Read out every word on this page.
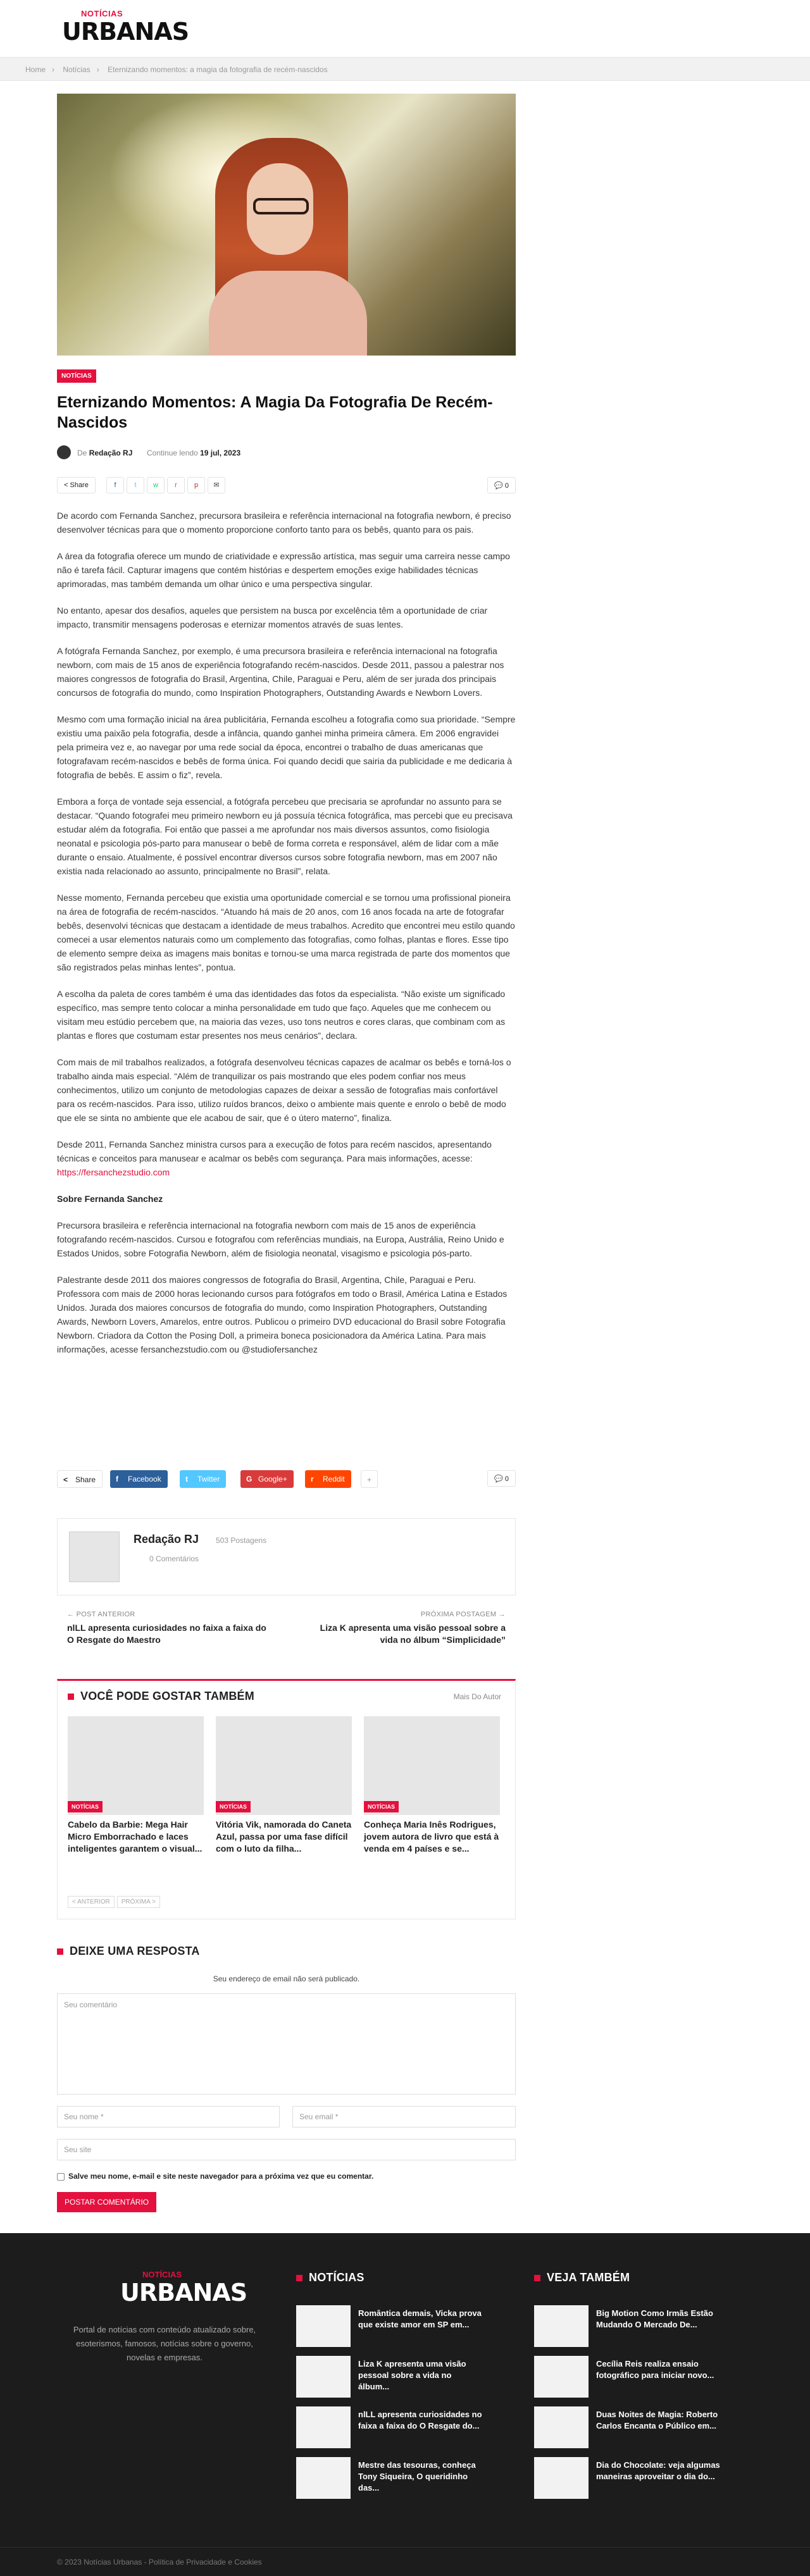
NOTÍCIAS
URBANAS
Home › Notícias › Eternizando momentos: a magia da fotografia de recém-nascidos
NOTÍCIAS
Eternizando Momentos: A Magia Da Fotografia De Recém-Nascidos
De Redação RJ Continue lendo 19 jul, 2023
< Share	f	t	w	r	p	✉	💬 0

De acordo com Fernanda Sanchez, precursora brasileira e referência internacional na fotografia newborn, é preciso desenvolver técnicas para que o momento proporcione conforto tanto para os bebês, quanto para os pais.

A área da fotografia oferece um mundo de criatividade e expressão artística, mas seguir uma carreira nesse campo não é tarefa fácil. Capturar imagens que contém histórias e despertem emoções exige habilidades técnicas aprimoradas, mas também demanda um olhar único e uma perspectiva singular.

No entanto, apesar dos desafios, aqueles que persistem na busca por excelência têm a oportunidade de criar impacto, transmitir mensagens poderosas e eternizar momentos através de suas lentes.

A fotógrafa Fernanda Sanchez, por exemplo, é uma precursora brasileira e referência internacional na fotografia newborn, com mais de 15 anos de experiência fotografando recém-nascidos. Desde 2011, passou a palestrar nos maiores congressos de fotografia do Brasil, Argentina, Chile, Paraguai e Peru, além de ser jurada dos principais concursos de fotografia do mundo, como Inspiration Photographers, Outstanding Awards e Newborn Lovers.

Mesmo com uma formação inicial na área publicitária, Fernanda escolheu a fotografia como sua prioridade. “Sempre existiu uma paixão pela fotografia, desde a infância, quando ganhei minha primeira câmera. Em 2006 engravidei pela primeira vez e, ao navegar por uma rede social da época, encontrei o trabalho de duas americanas que fotografavam recém-nascidos e bebês de forma única. Foi quando decidi que sairia da publicidade e me dedicaria à fotografia de bebês. E assim o fiz”, revela.

Embora a força de vontade seja essencial, a fotógrafa percebeu que precisaria se aprofundar no assunto para se destacar. “Quando fotografei meu primeiro newborn eu já possuía técnica fotográfica, mas percebi que eu precisava estudar além da fotografia. Foi então que passei a me aprofundar nos mais diversos assuntos, como fisiologia neonatal e psicologia pós-parto para manusear o bebê de forma correta e responsável, além de lidar com a mãe durante o ensaio. Atualmente, é possível encontrar diversos cursos sobre fotografia newborn, mas em 2007 não existia nada relacionado ao assunto, principalmente no Brasil”, relata.

Nesse momento, Fernanda percebeu que existia uma oportunidade comercial e se tornou uma profissional pioneira na área de fotografia de recém-nascidos. “Atuando há mais de 20 anos, com 16 anos focada na arte de fotografar bebês, desenvolvi técnicas que destacam a identidade de meus trabalhos. Acredito que encontrei meu estilo quando comecei a usar elementos naturais como um complemento das fotografias, como folhas, plantas e flores. Esse tipo de elemento sempre deixa as imagens mais bonitas e tornou-se uma marca registrada de parte dos momentos que são registrados pelas minhas lentes”, pontua.

A escolha da paleta de cores também é uma das identidades das fotos da especialista. “Não existe um significado específico, mas sempre tento colocar a minha personalidade em tudo que faço. Aqueles que me conhecem ou visitam meu estúdio percebem que, na maioria das vezes, uso tons neutros e cores claras, que combinam com as plantas e flores que costumam estar presentes nos meus cenários”, declara.

Com mais de mil trabalhos realizados, a fotógrafa desenvolveu técnicas capazes de acalmar os bebês e torná-los o trabalho ainda mais especial. “Além de tranquilizar os pais mostrando que eles podem confiar nos meus conhecimentos, utilizo um conjunto de metodologias capazes de deixar a sessão de fotografias mais confortável para os recém-nascidos. Para isso, utilizo ruídos brancos, deixo o ambiente mais quente e enrolo o bebê de modo que ele se sinta no ambiente que ele acabou de sair, que é o útero materno”, finaliza.

Desde 2011, Fernanda Sanchez ministra cursos para a execução de fotos para recém nascidos, apresentando técnicas e conceitos para manusear e acalmar os bebês com segurança. Para mais informações, acesse: https://fersanchezstudio.com

Sobre Fernanda Sanchez

Precursora brasileira e referência internacional na fotografia newborn com mais de 15 anos de experiência fotografando recém-nascidos. Cursou e fotografou com referências mundiais, na Europa, Austrália, Reino Unido e Estados Unidos, sobre Fotografia Newborn, além de fisiologia neonatal, visagismo e psicologia pós-parto.

Palestrante desde 2011 dos maiores congressos de fotografia do Brasil, Argentina, Chile, Paraguai e Peru. Professora com mais de 2000 horas lecionando cursos para fotógrafos em todo o Brasil, América Latina e Estados Unidos. Jurada dos maiores concursos de fotografia do mundo, como Inspiration Photographers, Outstanding Awards, Newborn Lovers, Amarelos, entre outros. Publicou o primeiro DVD educacional do Brasil sobre Fotografia Newborn. Criadora da Cotton the Posing Doll, a primeira boneca posicionadora da América Latina. Para mais informações, acesse fersanchezstudio.com ou @studiofersanchez

< Share	f Facebook	t Twitter	G Google+	r Reddit	+	💬 0
Redação RJ 503 Postagens
0 Comentários
← POST ANTERIOR
nlLL apresenta curiosidades no faixa a faixa do O Resgate do Maestro
PRÓXIMA POSTAGEM →
Liza K apresenta uma visão pessoal sobre a vida no álbum “Simplicidade”
VOCÊ PODE GOSTAR TAMBÉM	Mais Do Autor
NOTÍCIAS
Cabelo da Barbie: Mega Hair Micro Emborrachado e laces inteligentes garantem o visual...
NOTÍCIAS
Vitória Vik, namorada do Caneta Azul, passa por uma fase difícil com o luto da filha...
NOTÍCIAS
Conheça Maria Inês Rodrigues, jovem autora de livro que está à venda em 4 países e se...
< ANTERIOR PRÓXIMA >
DEIXE UMA RESPOSTA
Seu endereço de email não será publicado.
Seu comentário
Seu nome *	Seu email *
Seu site
Salve meu nome, e-mail e site neste navegador para a próxima vez que eu comentar.
POSTAR COMENTÁRIO
NOTÍCIAS
URBANAS
Portal de notícias com conteúdo atualizado sobre, esoterismos, famosos, notícias sobre o governo, novelas e empresas.
NOTÍCIAS
Romântica demais, Vicka prova que existe amor em SP em...
Liza K apresenta uma visão pessoal sobre a vida no álbum...
nlLL apresenta curiosidades no faixa a faixa do O Resgate do...
Mestre das tesouras, conheça Tony Siqueira, O queridinho das...
VEJA TAMBÉM
Big Motion Como Irmãs Estão Mudando O Mercado De...
Cecília Reis realiza ensaio fotográfico para iniciar novo...
Duas Noites de Magia: Roberto Carlos Encanta o Público em...
Dia do Chocolate: veja algumas maneiras aproveitar o dia do...
© 2023 Notícias Urbanas - Política de Privacidade e Cookies
